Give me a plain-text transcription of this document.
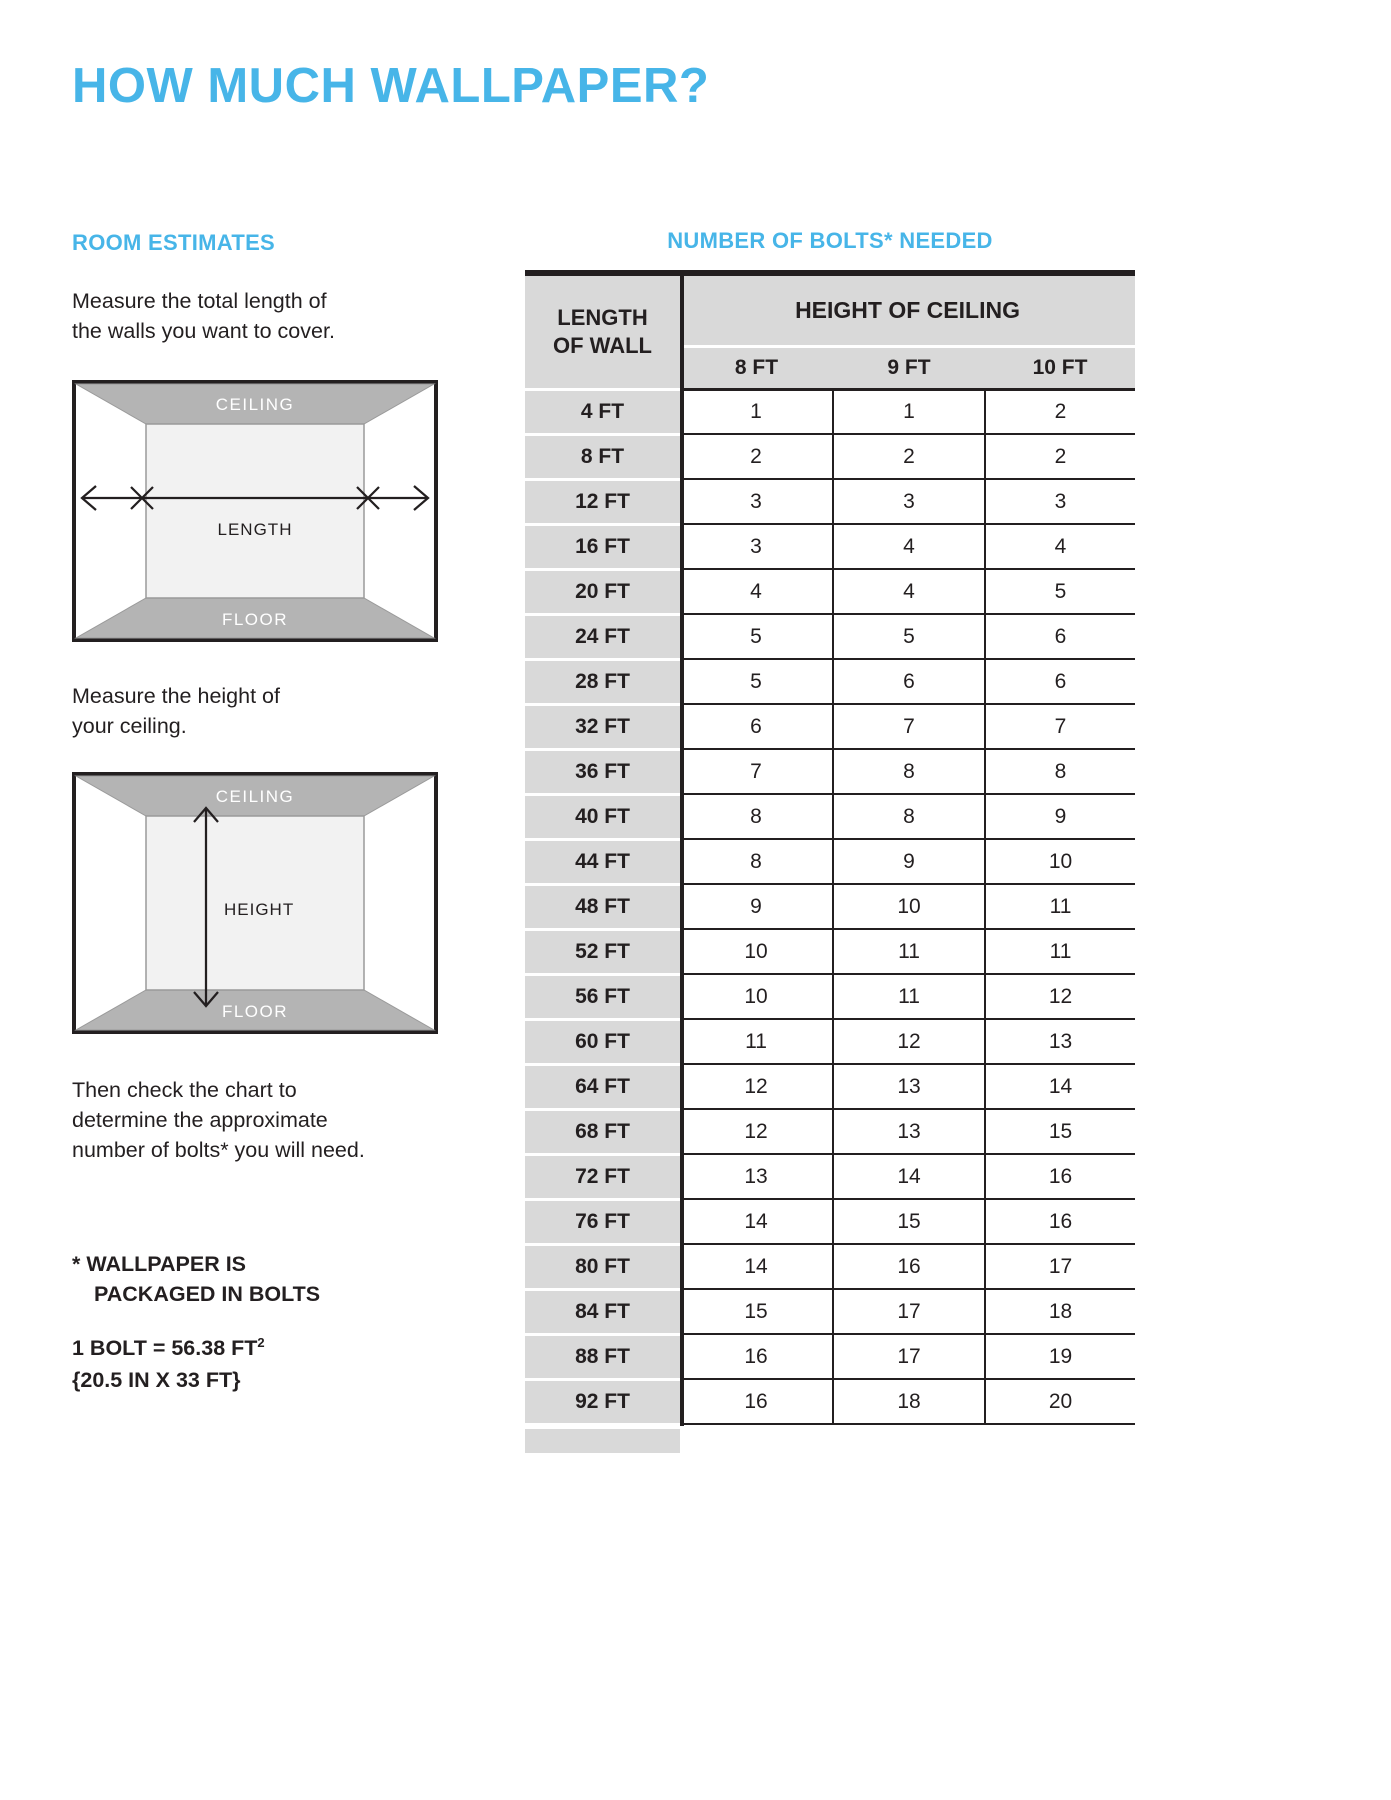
HOW MUCH WALLPAPER?
ROOM ESTIMATES
Measure the total length of
the walls you want to cover.
CEILING
LENGTH
FLOOR
Measure the height of
your ceiling.
CEILING
HEIGHT
FLOOR
Then check the chart to
determine the approximate
number of bolts* you will need.
* WALLPAPER IS
PACKAGED IN BOLTS
1 BOLT = 56.38 $FT^2$
{20.5 IN X 33 FT}
NUMBER OF BOLTS* NEEDED
LENGTH
OF WALL	HEIGHT OF CEILING		
	8 FT	9 FT	10 FT
4 FT	1	1	2
8 FT	2	2	2
12 FT	3	3	3
16 FT	3	4	4
20 FT	4	4	5
24 FT	5	5	6
28 FT	5	6	6
32 FT	6	7	7
36 FT	7	8	8
40 FT	8	8	9
44 FT	8	9	10
48 FT	9	10	11
52 FT	10	11	11
56 FT	10	11	12
60 FT	11	12	13
64 FT	12	13	14
68 FT	12	13	15
72 FT	13	14	16
76 FT	14	15	16
80 FT	14	16	17
84 FT	15	17	18
88 FT	16	17	19
92 FT	16	18	20
